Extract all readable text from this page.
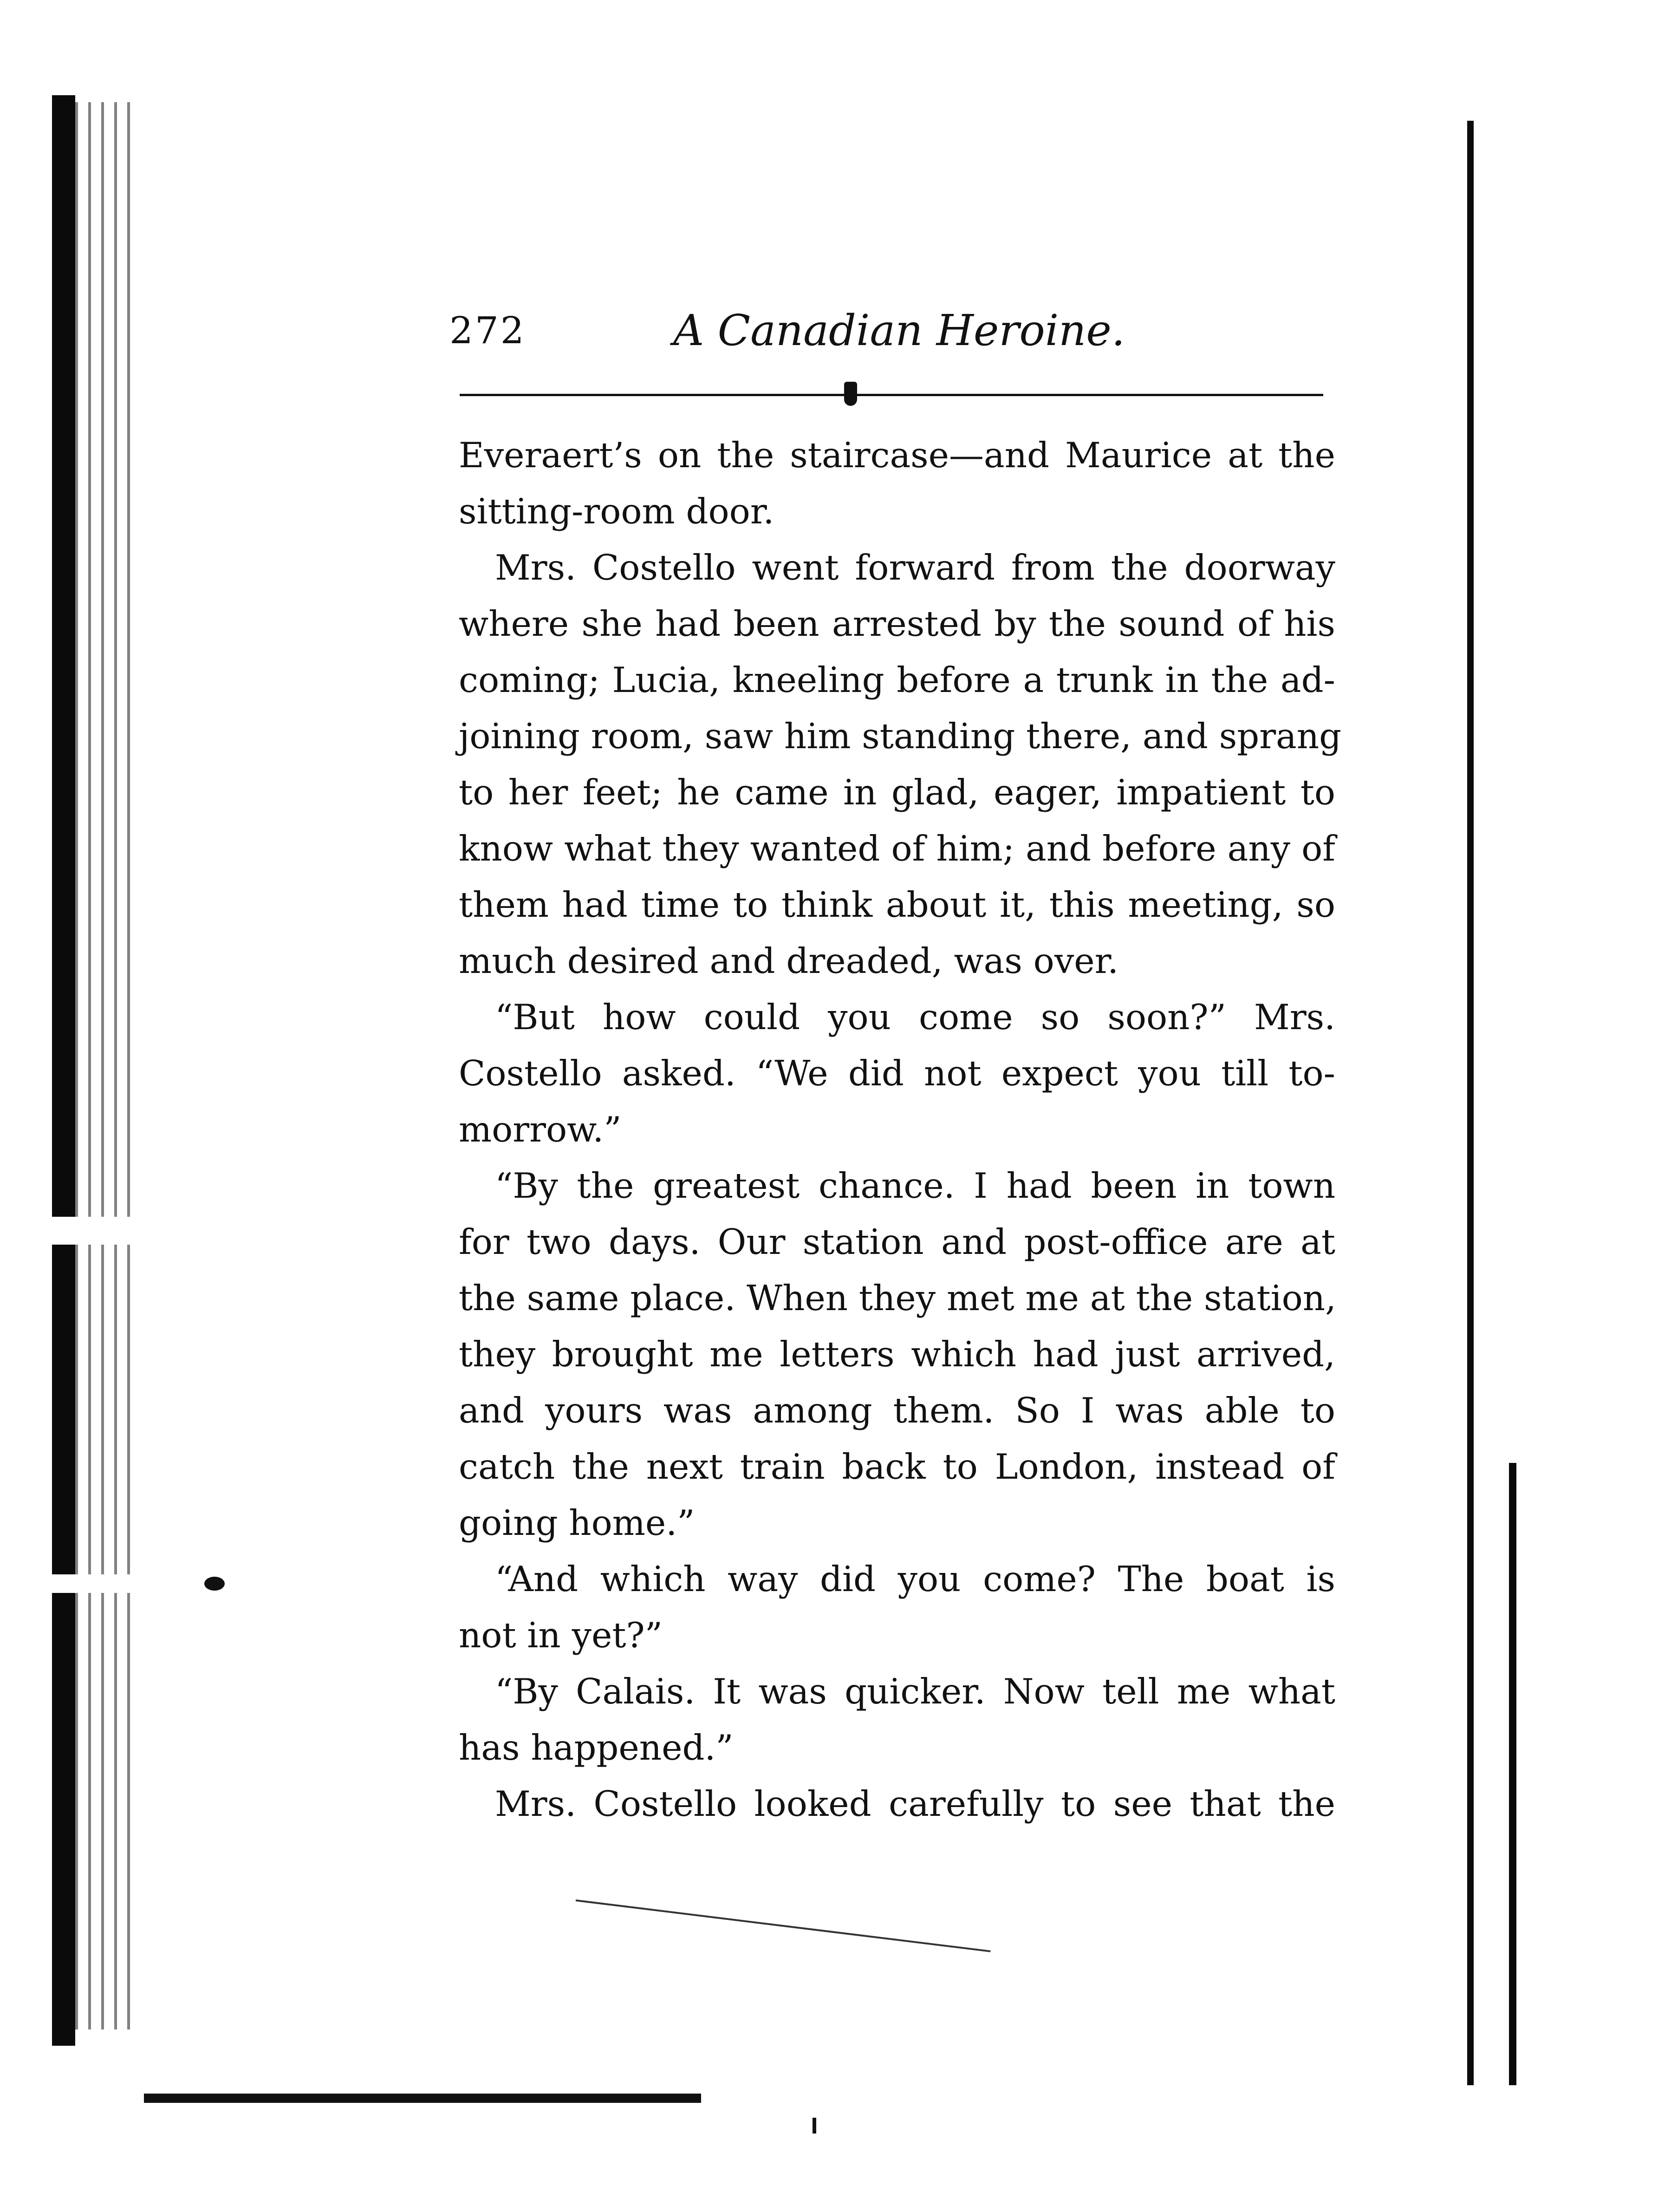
272	A Canadian Heroine.
Everaert’s on the staircase—and Maurice at the
sitting-room door.
Mrs. Costello went forward from the doorway
where she had been arrested by the sound of his
coming; Lucia, kneeling before a trunk in the ad-
joining room, saw him standing there, and sprang
to her feet; he came in glad, eager, impatient to
know what they wanted of him; and before any of
them had time to think about it, this meeting, so
much desired and dreaded, was over.
“But how could you come so soon?” Mrs.
Costello asked. “We did not expect you till to-
morrow.”
“By the greatest chance. I had been in town
for two days. Our station and post-office are at
the same place. When they met me at the station,
they brought me letters which had just arrived,
and yours was among them. So I was able to
catch the next train back to London, instead of
going home.”
“And which way did you come? The boat is
not in yet?”
“By Calais. It was quicker. Now tell me what
has happened.”
Mrs. Costello looked carefully to see that the
